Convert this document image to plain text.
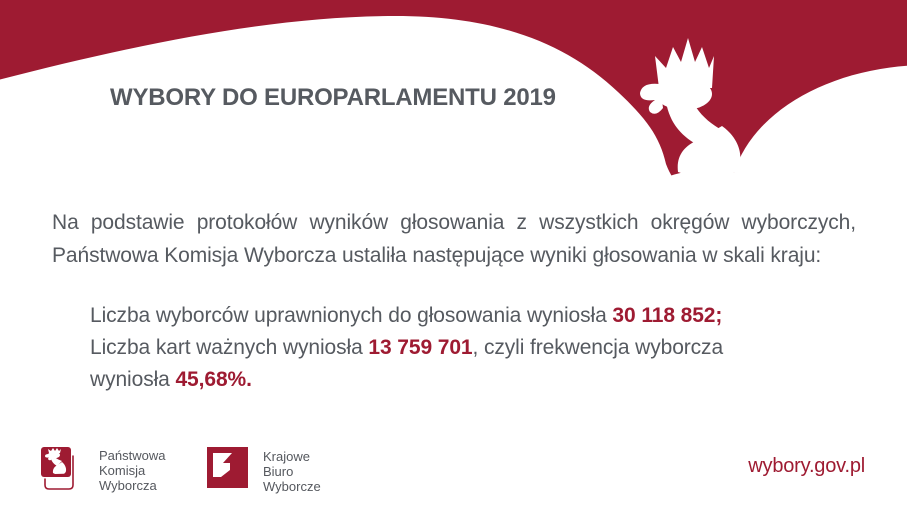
WYBORY DO EUROPARLAMENTU 2019
Na podstawie protokołów wyników głosowania z wszystkich okręgów wyborczych,
Państwowa Komisja Wyborcza ustaliła następujące wyniki głosowania w skali kraju:

Liczba wyborców uprawnionych do głosowania wyniosła 30 118 852;
Liczba kart ważnych wyniosła 13 759 701, czyli frekwencja wyborcza
wyniosła 45,68%.

Państwowa
Komisja
Wyborcza
Krajowe
Biuro
Wyborcze
wybory.gov.pl
